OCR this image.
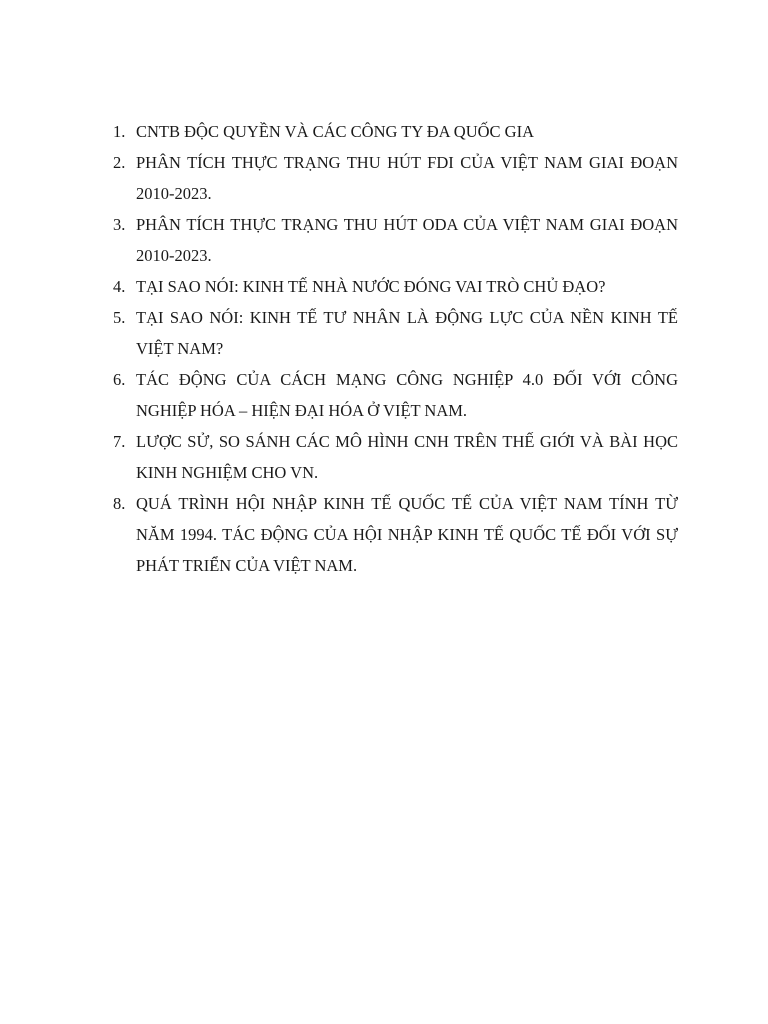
1. CNTB ĐỘC QUYỀN VÀ CÁC CÔNG TY ĐA QUỐC GIA
2. PHÂN TÍCH THỰC TRẠNG THU HÚT FDI CỦA VIỆT NAM GIAI ĐOẠN 2010-2023.
3. PHÂN TÍCH THỰC TRẠNG THU HÚT ODA CỦA VIỆT NAM GIAI ĐOẠN 2010-2023.
4. TẠI SAO NÓI: KINH TẾ NHÀ NƯỚC ĐÓNG VAI TRÒ CHỦ ĐẠO?
5. TẠI SAO NÓI: KINH TẾ TƯ NHÂN LÀ ĐỘNG LỰC CỦA NỀN KINH TẾ VIỆT NAM?
6. TÁC ĐỘNG CỦA CÁCH MẠNG CÔNG NGHIỆP 4.0 ĐỐI VỚI CÔNG NGHIỆP HÓA – HIỆN ĐẠI HÓA Ở VIỆT NAM.
7. LƯỢC SỬ, SO SÁNH CÁC MÔ HÌNH CNH TRÊN THẾ GIỚI VÀ BÀI HỌC KINH NGHIỆM CHO VN.
8. QUÁ TRÌNH HỘI NHẬP KINH TẾ QUỐC TẾ CỦA VIỆT NAM TÍNH TỪ NĂM 1994. TÁC ĐỘNG CỦA HỘI NHẬP KINH TẾ QUỐC TẾ ĐỐI VỚI SỰ PHÁT TRIỂN CỦA VIỆT NAM.
